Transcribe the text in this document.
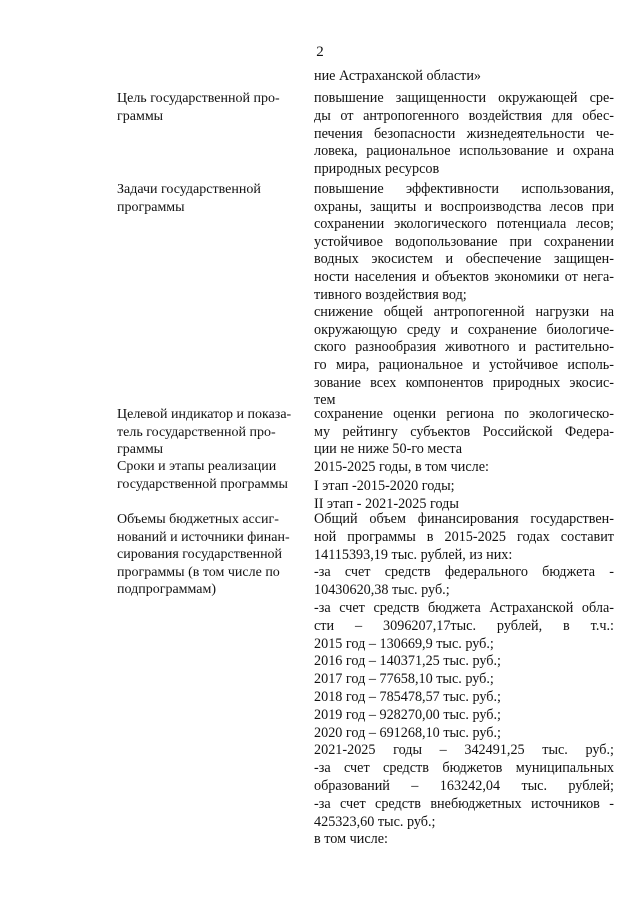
2
ние Астраханской области»
Цель государственной про-
граммы
повышение защищенности окружающей сре-
ды от антропогенного воздействия для обес-
печения безопасности жизнедеятельности че-
ловека, рациональное использование и охрана
природных ресурсов
Задачи государственной
программы
повышение эффективности использования,
охраны, защиты и воспроизводства лесов при
сохранении экологического потенциала лесов;
устойчивое водопользование при сохранении
водных экосистем и обеспечение защищен-
ности населения и объектов экономики от нега-
тивного воздействия вод;
снижение общей антропогенной нагрузки на
окружающую среду и сохранение биологиче-
ского разнообразия животного и растительно-
го мира, рациональное и устойчивое исполь-
зование всех компонентов природных экосис-
тем
Целевой индикатор и показа-
тель государственной про-
граммы
сохранение оценки региона по экологическо-
му рейтингу субъектов Российской Федера-
ции не ниже 50-го места
Сроки и этапы реализации
государственной программы
2015-2025 годы, в том числе:
I этап -2015-2020 годы;
II этап - 2021-2025 годы
Объемы бюджетных ассиг-
нований и источники финан-
сирования государственной
программы (в том числе по
подпрограммам)
Общий объем финансирования государствен-
ной программы в 2015-2025 годах составит
14115393,19 тыс. рублей, из них:
-за счет средств федерального бюджета -
10430620,38 тыс. руб.;
-за счет средств бюджета Астраханской обла-
сти – 3096207,17тыс. рублей, в т.ч.:
2015 год – 130669,9 тыс. руб.;
2016 год – 140371,25 тыс. руб.;
2017 год – 77658,10 тыс. руб.;
2018 год – 785478,57 тыс. руб.;
2019 год – 928270,00 тыс. руб.;
2020 год – 691268,10 тыс. руб.;
2021-2025 годы – 342491,25 тыс. руб.;
-за счет средств бюджетов муниципальных
образований – 163242,04 тыс. рублей;
-за счет средств внебюджетных источников -
425323,60 тыс. руб.;
в том числе:
